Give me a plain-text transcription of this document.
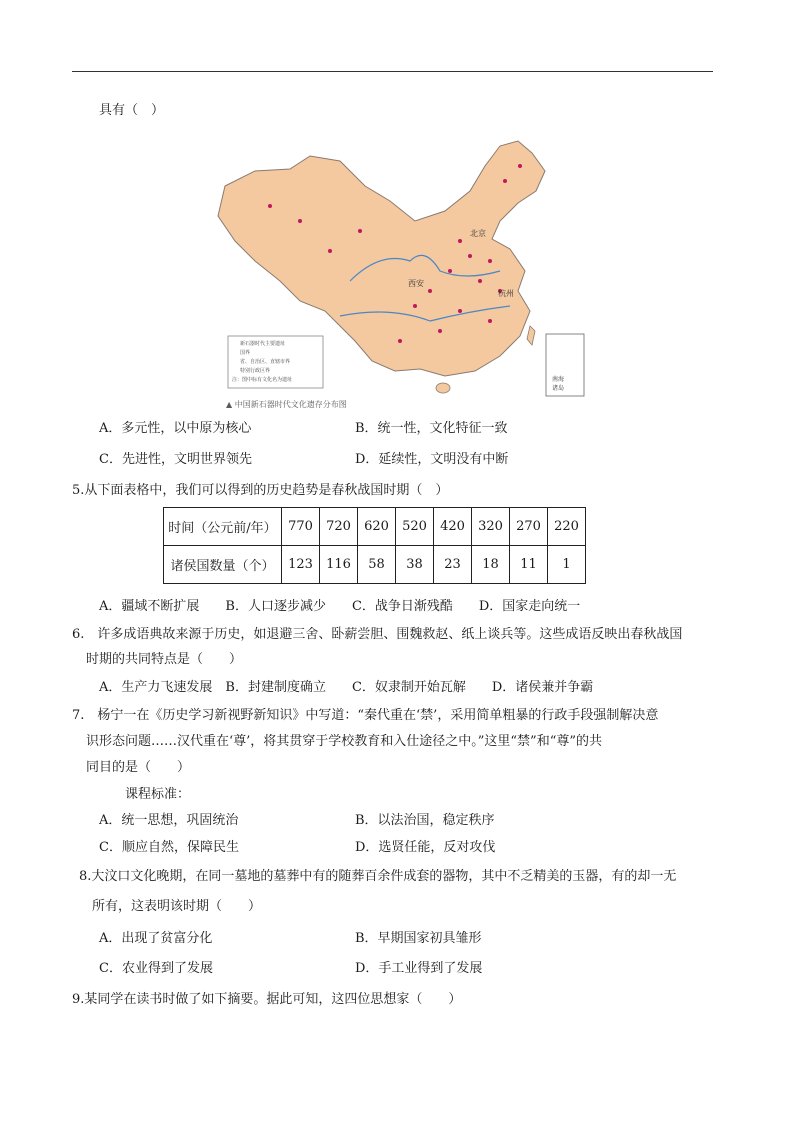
具有（　）
北京
西安
杭州
新石器时代主要遗址
国界
省、自治区、直辖市界
特别行政区界
注：图中标有文化名为遗址	南海
诸岛
▲ 中国新石器时代文化遗存分布图
A．多元性，以中原为核心	B．统一性，文化特征一致
C．先进性，文明世界领先	D．延续性，文明没有中断
5.从下面表格中，我们可以得到的历史趋势是春秋战国时期（　）
时间（公元前/年）	770	720	620	520	420	320	270	220
诸侯国数量（个）	123	116	58	38	23	18	11	1
A．疆域不断扩展　　B．人口逐步减少　　C．战争日渐残酷　　D．国家走向统一
6.　许多成语典故来源于历史，如退避三舍、卧薪尝胆、围魏救赵、纸上谈兵等。这些成语反映出春秋战国
时期的共同特点是（　　）
A．生产力飞速发展　B．封建制度确立　　C．奴隶制开始瓦解　　D．诸侯兼并争霸
7.　杨宁一在《历史学习新视野新知识》中写道：“秦代重在‘禁’，采用简单粗暴的行政手段强制解决意
识形态问题……汉代重在‘尊’，将其贯穿于学校教育和入仕途径之中。”这里“禁”和“尊”的共
同目的是（　　）
课程标准：
A．统一思想，巩固统治	B．以法治国，稳定秩序
C．顺应自然，保障民生	D．选贤任能，反对攻伐
8.大汶口文化晚期，在同一墓地的墓葬中有的随葬百余件成套的器物，其中不乏精美的玉器，有的却一无
所有，这表明该时期（　　）
A．出现了贫富分化	B．早期国家初具雏形
C．农业得到了发展	D．手工业得到了发展
9.某同学在读书时做了如下摘要。据此可知，这四位思想家（　　）
